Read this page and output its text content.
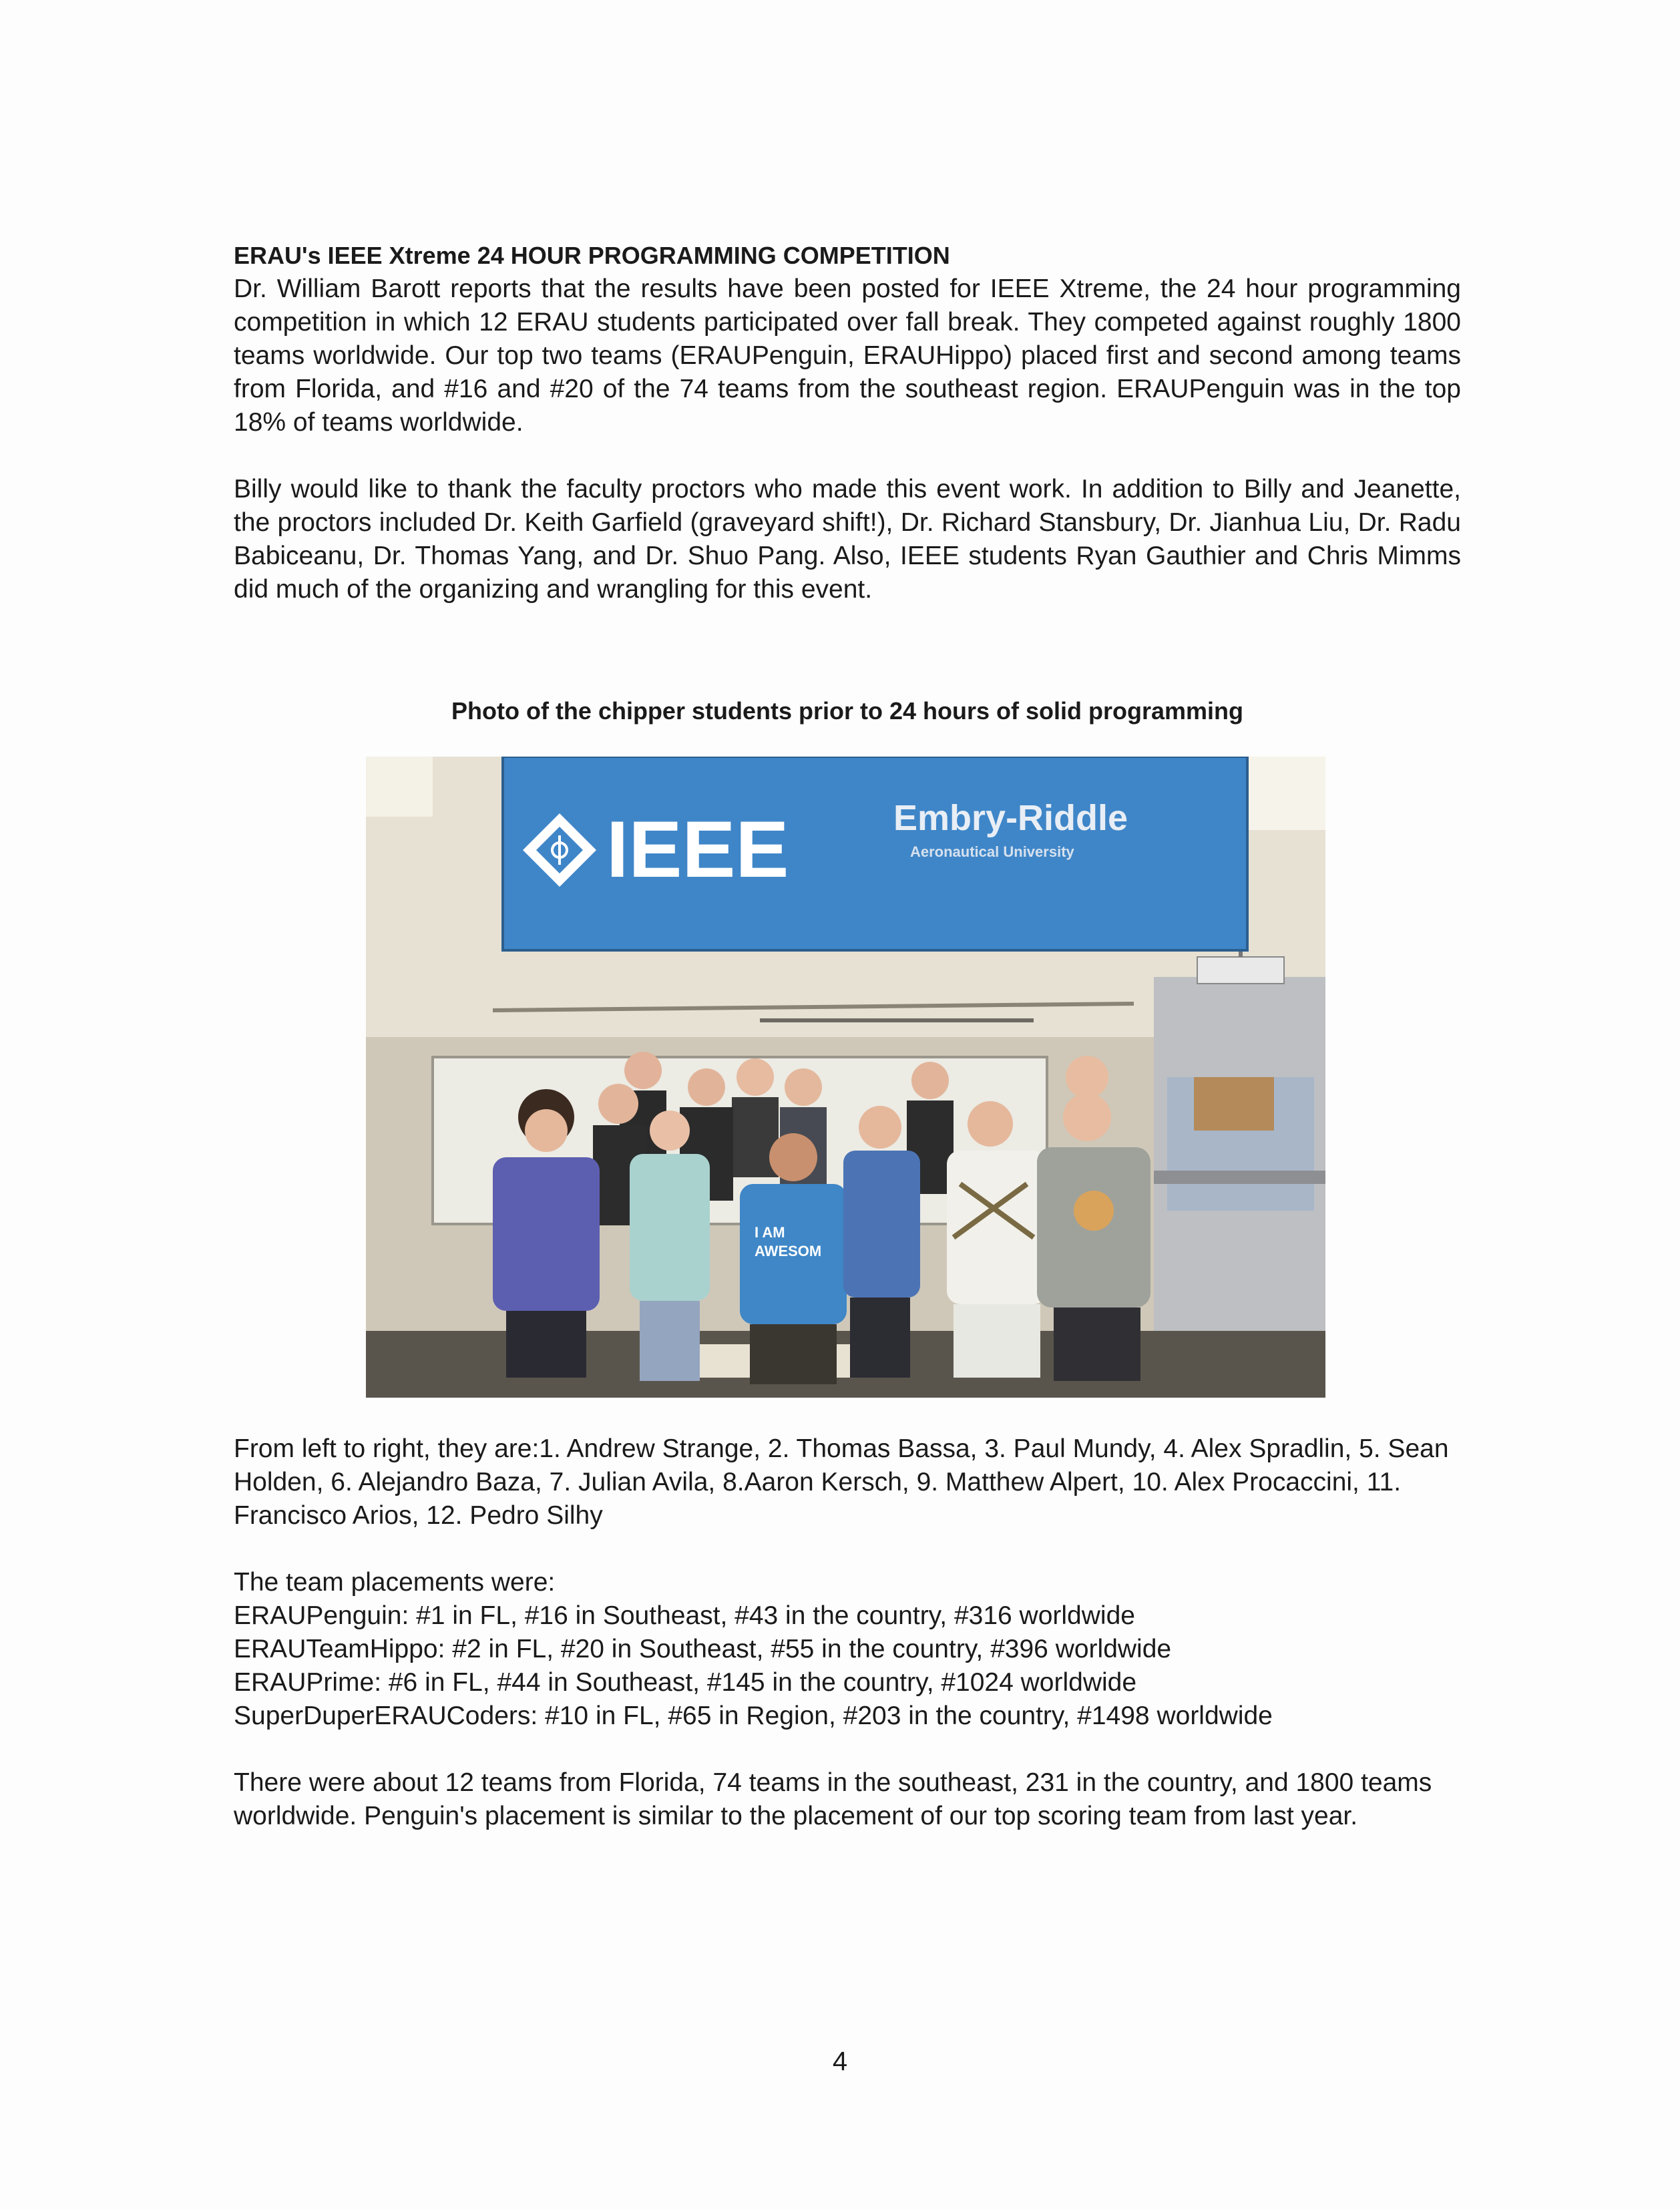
ERAU's IEEE Xtreme 24 HOUR PROGRAMMING COMPETITION

Dr. William Barott reports that the results have been posted for IEEE Xtreme, the 24 hour programming competition in which 12 ERAU students participated over fall break. They competed against roughly 1800 teams worldwide. Our top two teams (ERAUPenguin, ERAUHippo) placed first and second among teams from Florida, and #16 and #20 of the 74 teams from the southeast region. ERAUPenguin was in the top 18% of teams worldwide.

Billy would like to thank the faculty proctors who made this event work. In addition to Billy and Jeanette, the proctors included Dr. Keith Garfield (graveyard shift!), Dr. Richard Stansbury, Dr. Jianhua Liu, Dr. Radu Babiceanu, Dr. Thomas Yang, and Dr. Shuo Pang. Also, IEEE students Ryan Gauthier and Chris Mimms did much of the organizing and wrangling for this event.

Photo of the chipper students prior to 24 hours of solid programming

IEEE	Embry-Riddle
Aeronautical University
I AM
AWESOM

From left to right, they are:1. Andrew Strange, 2. Thomas Bassa, 3. Paul Mundy, 4. Alex Spradlin, 5. Sean Holden, 6. Alejandro Baza, 7. Julian Avila, 8.Aaron Kersch, 9. Matthew Alpert, 10. Alex Procaccini, 11. Francisco Arios, 12. Pedro Silhy

The team placements were:

ERAUPenguin: #1 in FL, #16 in Southeast, #43 in the country, #316 worldwide

ERAUTeamHippo: #2 in FL, #20 in Southeast, #55 in the country, #396 worldwide

ERAUPrime: #6 in FL, #44 in Southeast, #145 in the country, #1024 worldwide

SuperDuperERAUCoders: #10 in FL, #65 in Region, #203 in the country, #1498 worldwide

There were about 12 teams from Florida, 74 teams in the southeast, 231 in the country, and 1800 teams worldwide. Penguin's placement is similar to the placement of our top scoring team from last year.

4
